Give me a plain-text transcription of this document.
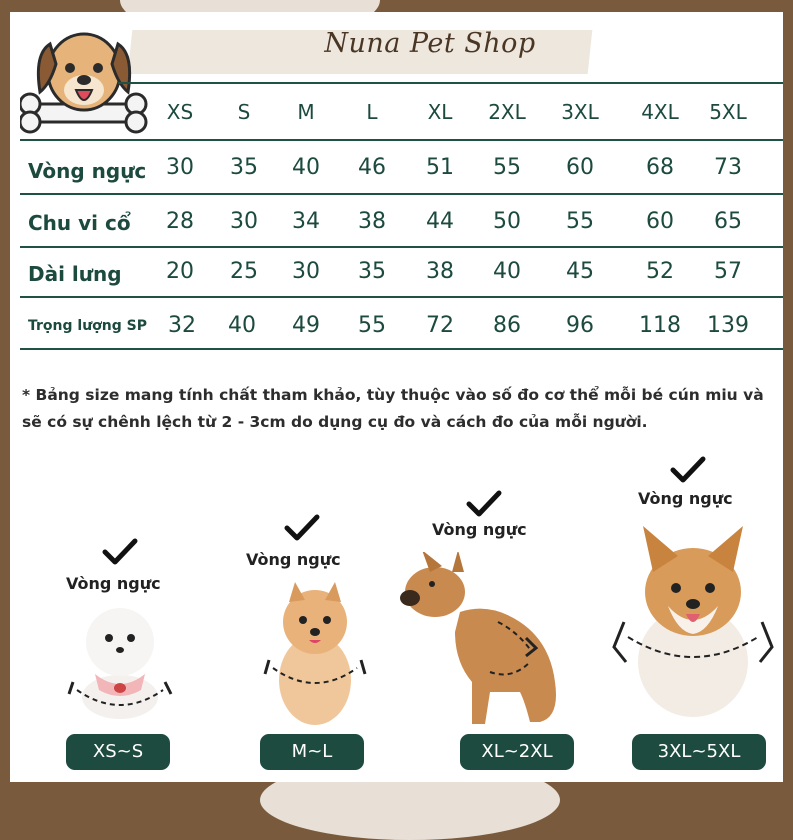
Nuna Pet Shop
XS	S	M	L	XL	2XL	3XL	4XL	5XL
Vòng ngực 30	35	40	46	51	55	60	68	73
Chu vi cổ	28	30	34	38	44	50	55	60	65
Dài lưng	20	25	30	35	38	40	45	52	57
Trọng lượng SP 32	40	49	55	72	86	96	118	139
* Bảng size mang tính chất tham khảo, tùy thuộc vào số đo cơ thể mỗi bé cún miu và sẽ có sự chênh lệch từ 2 - 3cm do dụng cụ đo và cách đo của mỗi người.
Vòng ngực
Vòng ngực
Vòng ngực
Vòng ngực
XS~S	M~L	XL~2XL	3XL~5XL
